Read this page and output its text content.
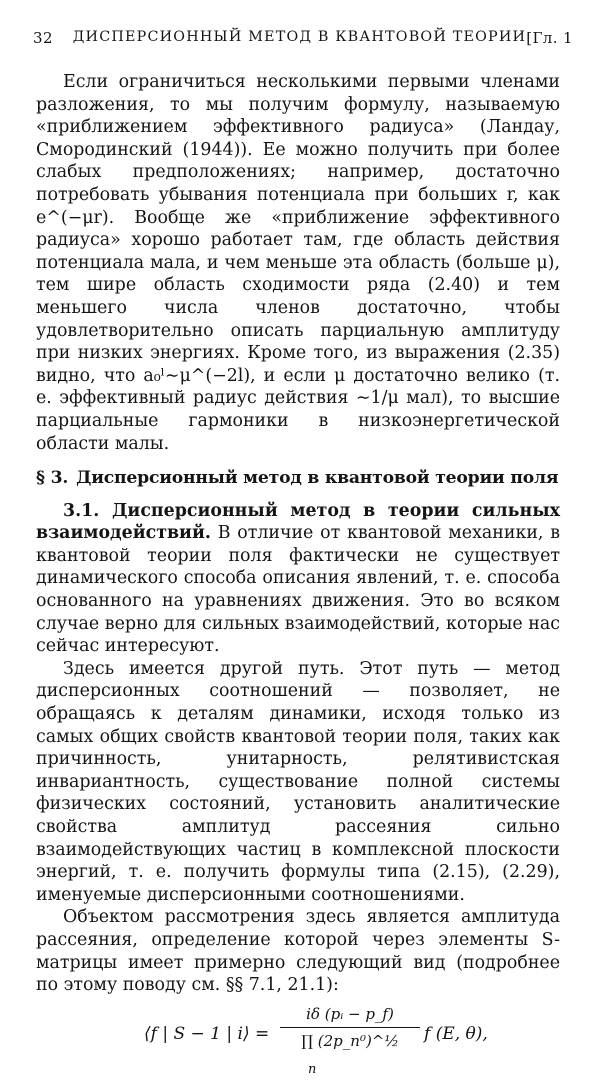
32	ДИСПЕРСИОННЫЙ МЕТОД В КВАНТОВОЙ ТЕОРИИ [Гл. 1

Если ограничиться несколькими первыми членами разложения, то мы получим формулу, называемую «приближением эффективного радиуса» (Ландау, Смородинский (1944)). Ее можно получить при более слабых предположениях; например, достаточно потребовать убывания потенциала при больших r, как e^(−μr). Вообще же «приближение эффективного радиуса» хорошо работает там, где область действия потенциала мала, и чем меньше эта область (больше μ), тем шире область сходимости ряда (2.40) и тем меньшего числа членов достаточно, чтобы удовлетворительно описать парциальную амплитуду при низких энергиях. Кроме того, из выражения (2.35) видно, что a₀ˡ∼μ^(−2l), и если μ достаточно велико (т. е. эффективный радиус действия ∼1/μ мал), то высшие парциальные гармоники в низкоэнергетической области малы.

§ 3. Дисперсионный метод в квантовой теории поля

3.1. Дисперсионный метод в теории сильных взаимодействий. В отличие от квантовой механики, в квантовой теории поля фактически не существует динамического способа описания явлений, т. е. способа основанного на уравнениях движения. Это во всяком случае верно для сильных взаимодействий, которые нас сейчас интересуют.

Здесь имеется другой путь. Этот путь — метод дисперсионных соотношений — позволяет, не обращаясь к деталям динамики, исходя только из самых общих свойств квантовой теории поля, таких как причинность, унитарность, релятивистская инвариантность, существование полной системы физических состояний, установить аналитические свойства амплитуд рассеяния сильно взаимодействующих частиц в комплексной плоскости энергий, т. е. получить формулы типа (2.15), (2.29), именуемые дисперсионными соотношениями.

Объектом рассмотрения здесь является амплитуда рассеяния, определение которой через элементы S-матрицы имеет примерно следующий вид (подробнее по этому поводу см. §§ 7.1, 21.1):

⟨f | S − 1 | i⟩ =
iδ (pᵢ − p_f)
∏ (2p_n⁰)^½
n
f (E, θ),
